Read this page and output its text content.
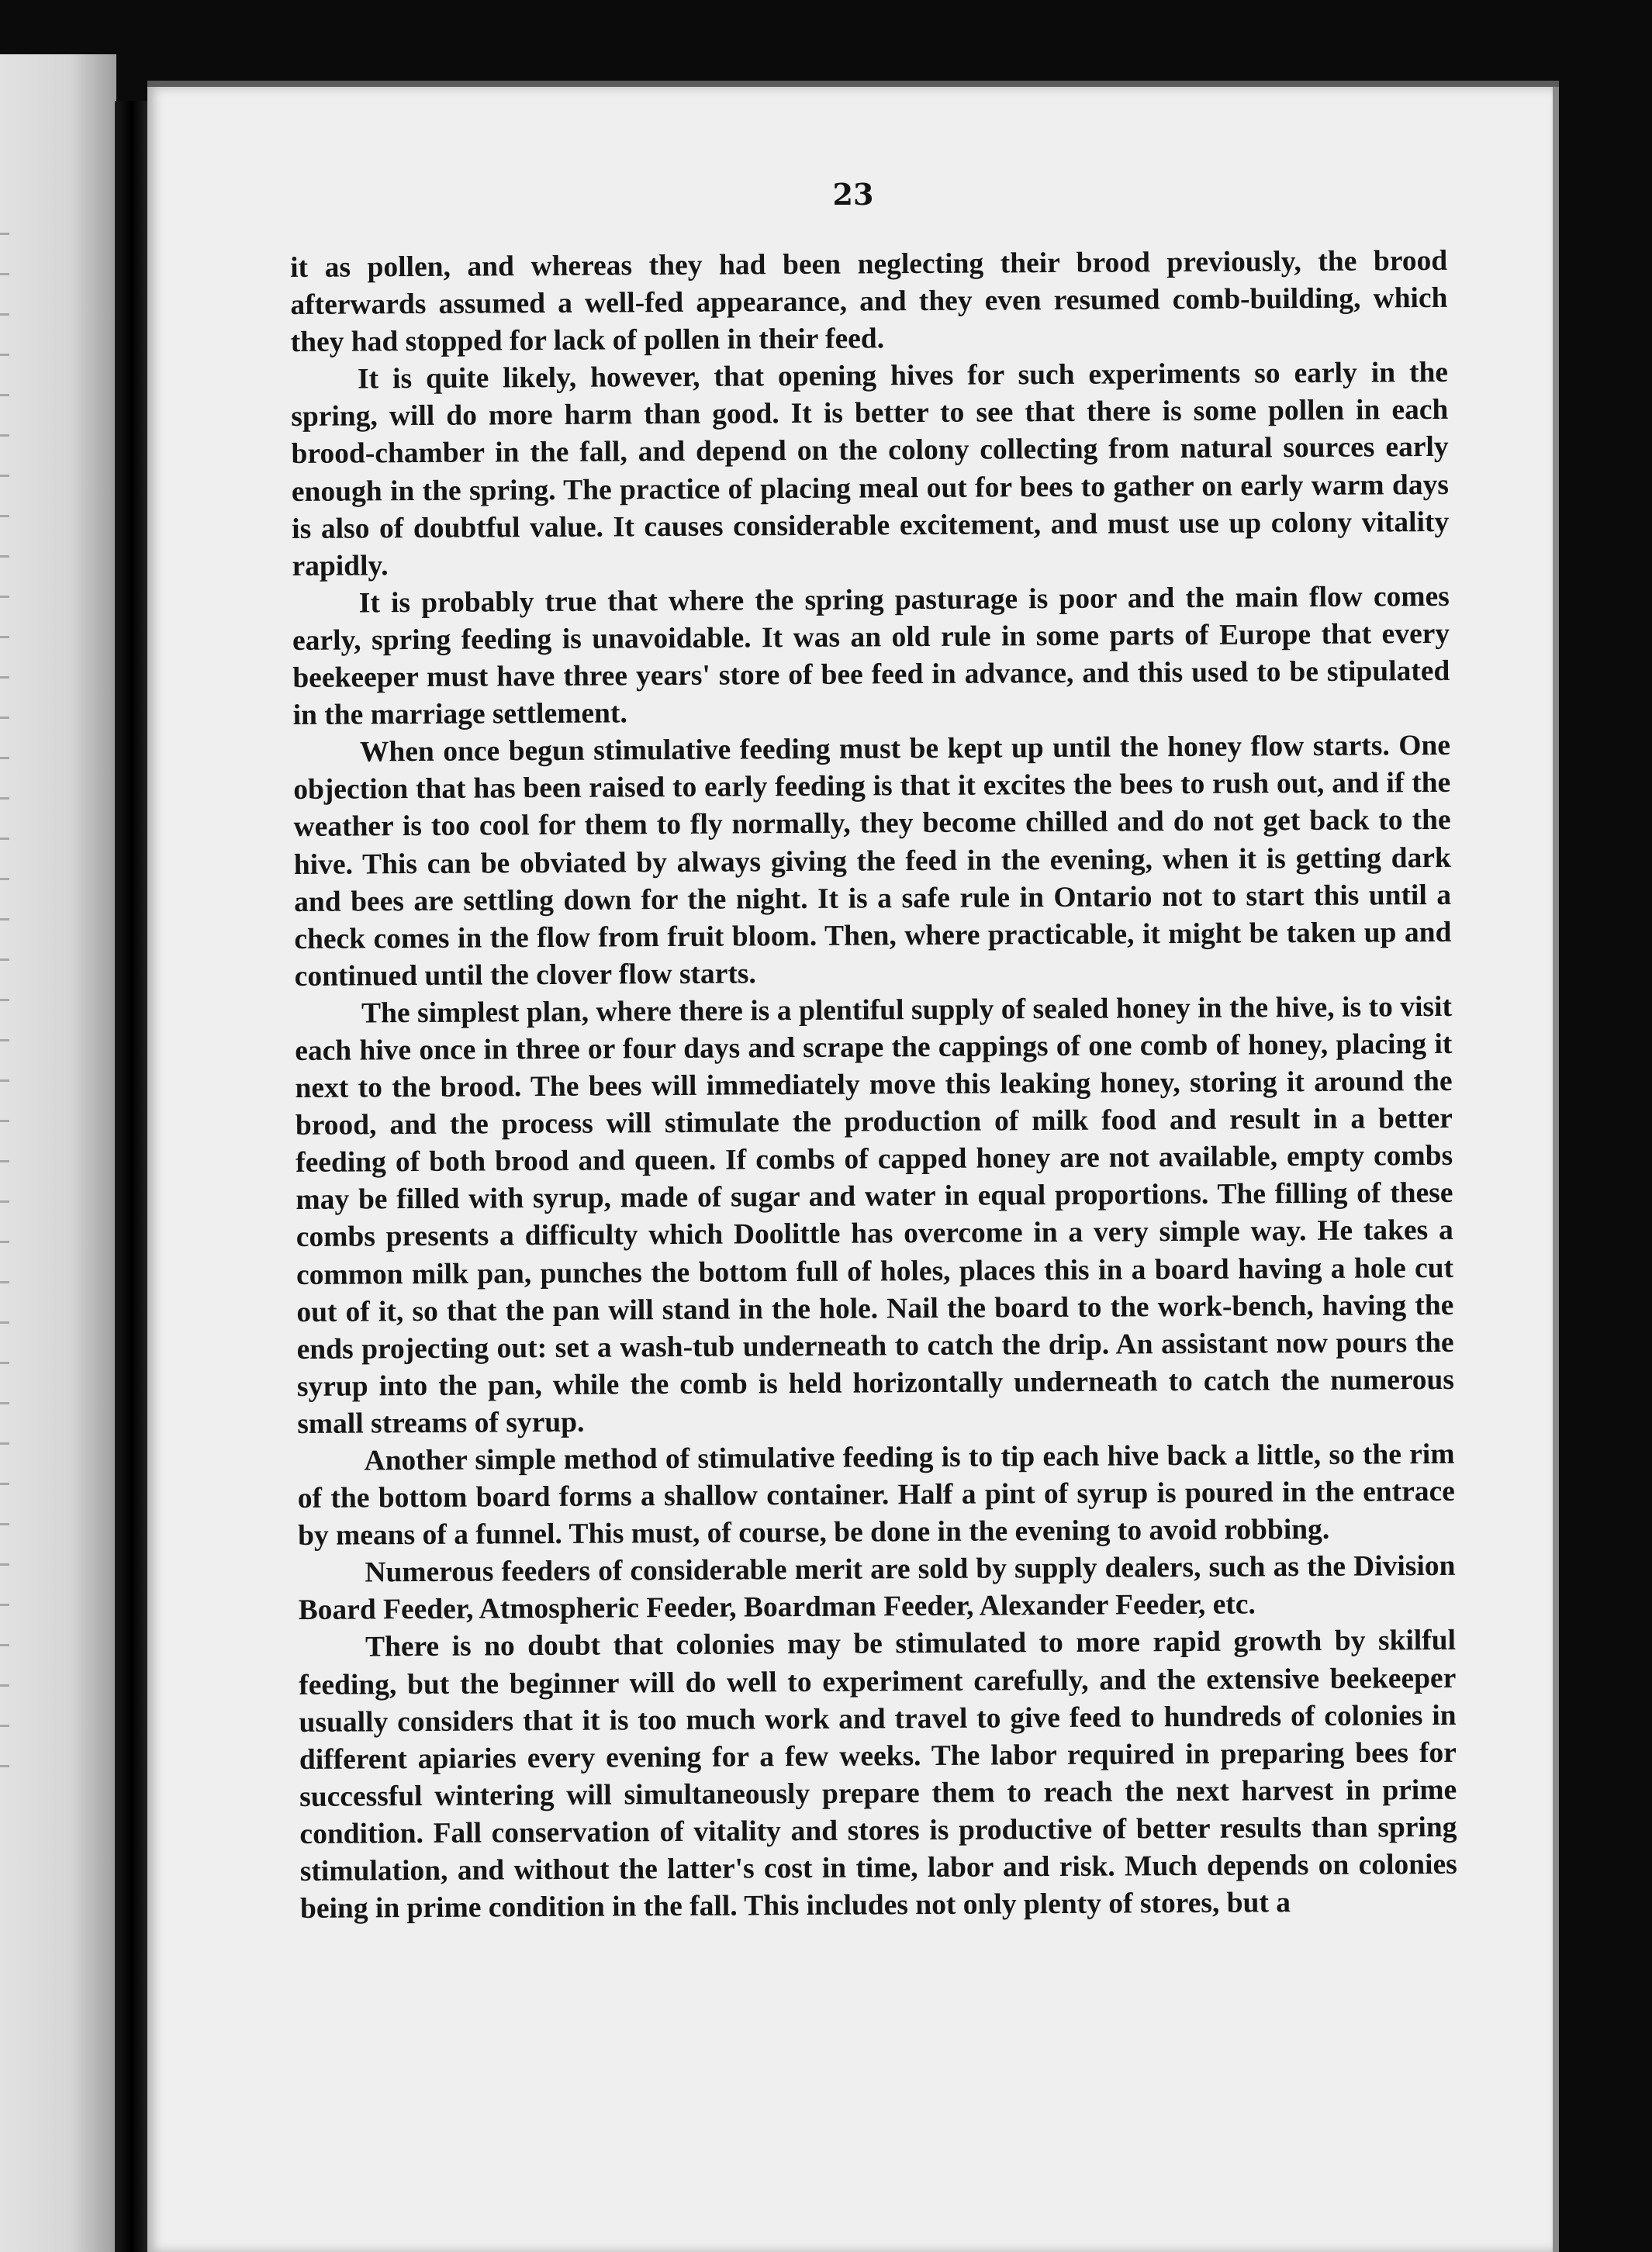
23

it as pollen, and whereas they had been neglecting their brood previously, the brood afterwards assumed a well-fed appearance, and they even resumed comb-building, which they had stopped for lack of pollen in their feed.

It is quite likely, however, that opening hives for such experiments so early in the spring, will do more harm than good. It is better to see that there is some pollen in each brood-chamber in the fall, and depend on the colony collecting from natural sources early enough in the spring. The practice of placing meal out for bees to gather on early warm days is also of doubtful value. It causes considerable excitement, and must use up colony vitality rapidly.

It is probably true that where the spring pasturage is poor and the main flow comes early, spring feeding is unavoidable. It was an old rule in some parts of Europe that every beekeeper must have three years' store of bee feed in advance, and this used to be stipulated in the marriage settlement.

When once begun stimulative feeding must be kept up until the honey flow starts. One objection that has been raised to early feeding is that it excites the bees to rush out, and if the weather is too cool for them to fly normally, they become chilled and do not get back to the hive. This can be obviated by always giving the feed in the evening, when it is getting dark and bees are settling down for the night. It is a safe rule in Ontario not to start this until a check comes in the flow from fruit bloom. Then, where practicable, it might be taken up and continued until the clover flow starts.

The simplest plan, where there is a plentiful supply of sealed honey in the hive, is to visit each hive once in three or four days and scrape the cappings of one comb of honey, placing it next to the brood. The bees will immediately move this leaking honey, storing it around the brood, and the process will stimulate the production of milk food and result in a better feeding of both brood and queen. If combs of capped honey are not available, empty combs may be filled with syrup, made of sugar and water in equal proportions. The filling of these combs presents a difficulty which Doolittle has overcome in a very simple way. He takes a common milk pan, punches the bottom full of holes, places this in a board having a hole cut out of it, so that the pan will stand in the hole. Nail the board to the work-bench, having the ends projecting out: set a wash-tub underneath to catch the drip. An assistant now pours the syrup into the pan, while the comb is held horizontally underneath to catch the numerous small streams of syrup.

Another simple method of stimulative feeding is to tip each hive back a little, so the rim of the bottom board forms a shallow container. Half a pint of syrup is poured in the entrace by means of a funnel. This must, of course, be done in the evening to avoid robbing.

Numerous feeders of considerable merit are sold by supply dealers, such as the Division Board Feeder, Atmospheric Feeder, Boardman Feeder, Alexander Feeder, etc.

There is no doubt that colonies may be stimulated to more rapid growth by skilful feeding, but the beginner will do well to experiment carefully, and the extensive beekeeper usually considers that it is too much work and travel to give feed to hundreds of colonies in different apiaries every evening for a few weeks. The labor required in preparing bees for successful wintering will simultaneously prepare them to reach the next harvest in prime condition. Fall conservation of vitality and stores is productive of better results than spring stimulation, and without the latter's cost in time, labor and risk. Much depends on colonies being in prime condition in the fall. This includes not only plenty of stores, but a
